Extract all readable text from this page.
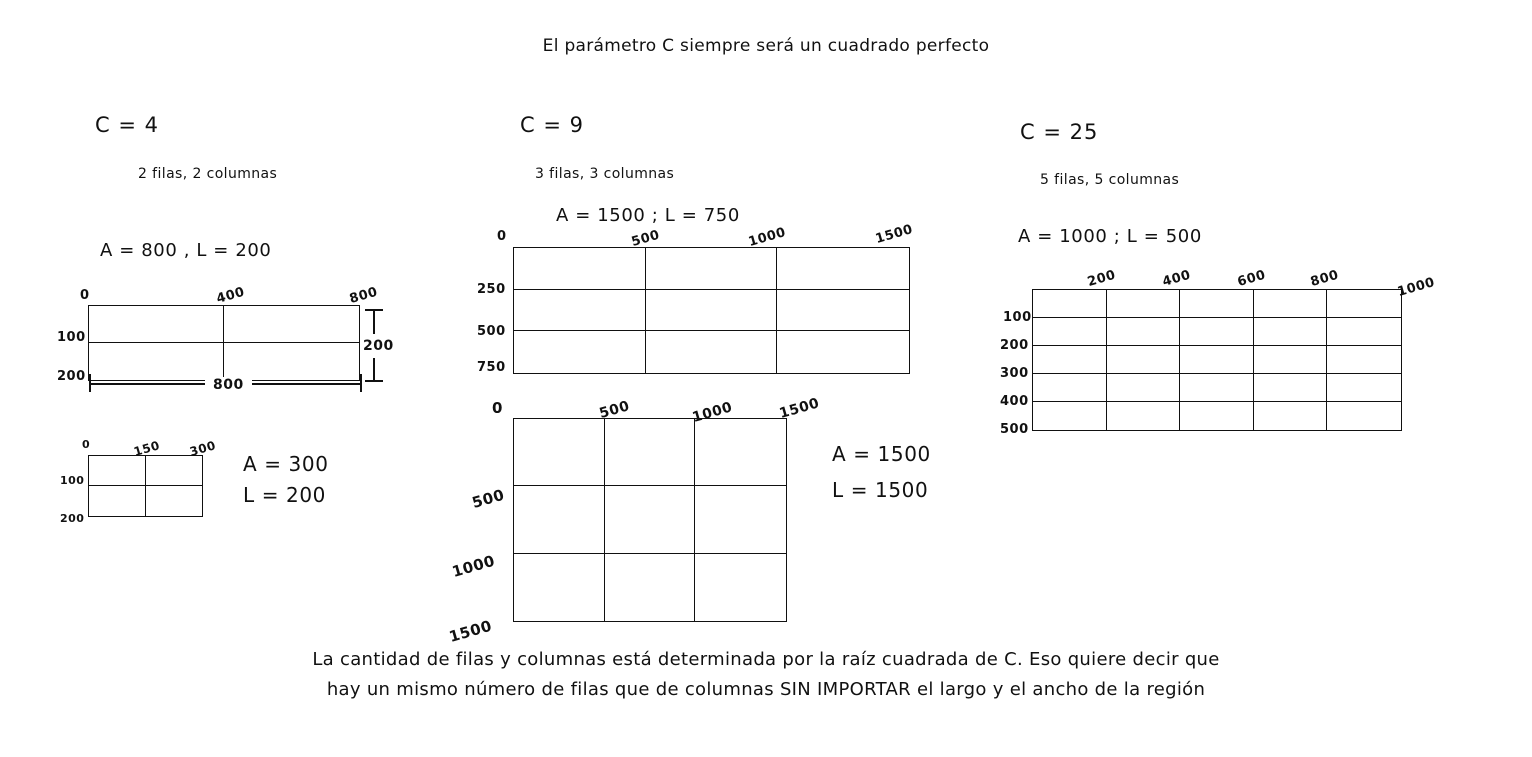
El parámetro C siempre será un cuadrado perfecto
C = 4
2 filas, 2 columnas
A = 800 , L = 200
0	400	800
100
200
800
200
0	150 300
100
200
A = 300
L = 200
C = 9
3 filas, 3 columnas
A = 1500 ; L = 750
0	500	1000	1500
250
500
750
0	500	1000	1500
500
1000
1500
A = 1500
L = 1500
C = 25
5 filas, 5 columnas
A = 1000 ; L = 500
200	400	600	800	1000
100
200
300
400
500
La cantidad de filas y columnas está determinada por la raíz cuadrada de C. Eso quiere decir que
hay un mismo número de filas que de columnas SIN IMPORTAR el largo y el ancho de la región
